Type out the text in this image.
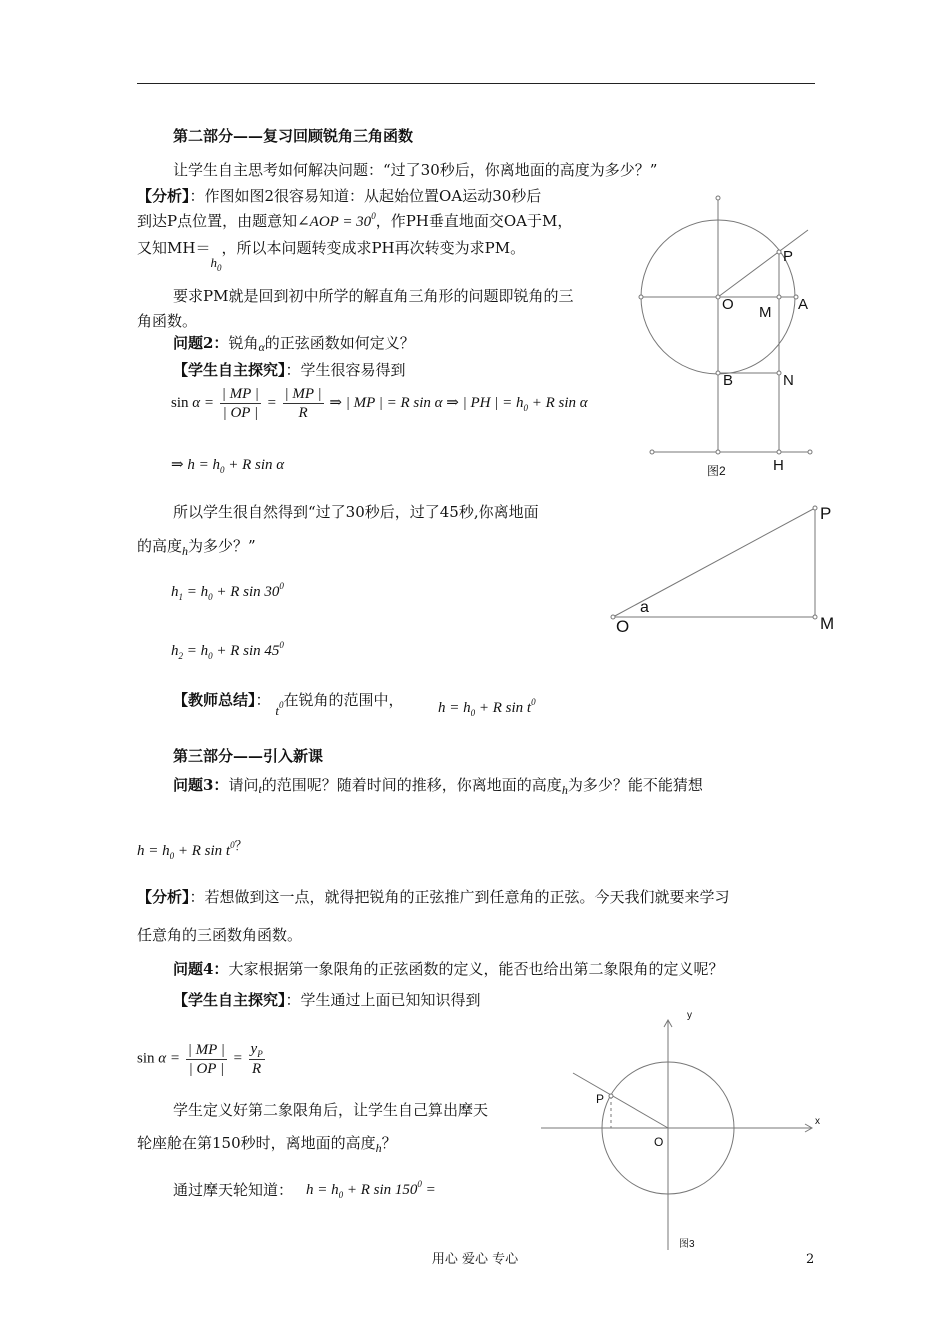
第二部分——复习回顾锐角三角函数
让学生自主思考如何解决问题：“过了30秒后，你离地面的高度为多少？”
【分析】：作图如图2很容易知道：从起始位置OA运动30秒后
到达P点位置，由题意知∠AOP = $30^0$，作PH垂直地面交OA于M，
又知$MH=h_0$，所以本问题转变成求PH再次转变为求PM。
要求PM就是回到初中所学的解直角三角形的问题即锐角的三
角函数。
问题2：锐角$_\alpha$的正弦函数如何定义？
【学生自主探究】：学生很容易得到
$\sin \alpha = \frac{| MP |}{| OP |} = \frac{| MP |}{R}$ ⇒ | MP | = R sin α ⇒ | PH | = $h_0 + R$ sin α
⇒ $h = h_0 + R$ sin α
所以学生很自然得到“过了30秒后，过了45秒,你离地面
的高度$_h$为多少？”
$h_1 = h_0 + R$ $\sin 30^0$
$h_2 = h_0 + R$ $\sin 45^0$
【教师总结】： $t^0$在锐角的范围中， $h = h_0 + R$ $\sin t^0$
第三部分——引入新课
问题3：请问$_t$的范围呢？随着时间的推移，你离地面的高度$_h$为多少？能不能猜想
$h = h_0 + R$ $\sin t^0$？
【分析】：若想做到这一点，就得把锐角的正弦推广到任意角的正弦。今天我们就要来学习
任意角的三函数角函数。
问题4：大家根据第一象限角的正弦函数的定义，能否也给出第二象限角的定义呢？
【学生自主探究】：学生通过上面已知知识得到
$\sin \alpha = \frac{| MP |}{| OP |} = \frac{y_P}{R}$
学生定义好第二象限角后，让学生自己算出摩天
轮座舱在第150秒时，离地面的高度$_h$？
通过摩天轮知道： $h = h_0 + R$ $\sin 150^0$ =
P
O M A
B	N
H
图2
P
O	M
a
y
x
P
O
图3
用心 爱心 专心	2
